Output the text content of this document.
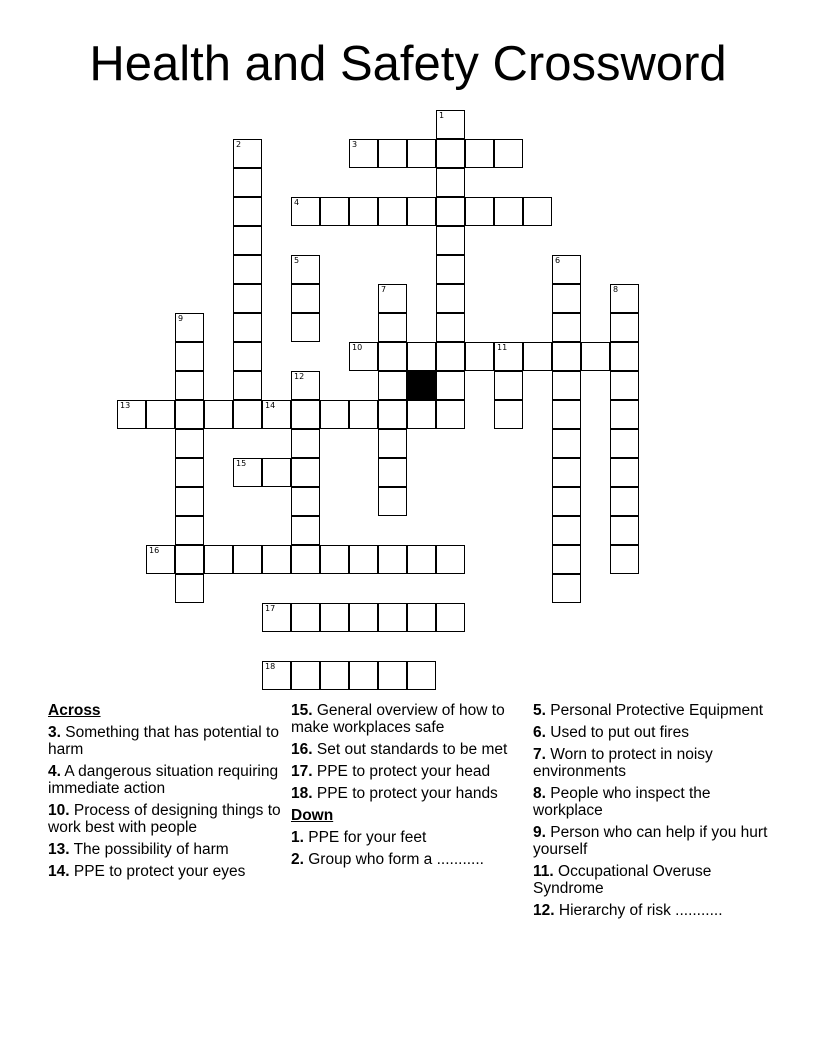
Health and Safety Crossword
1
2	3
4
5	6
7	8
9
10	11
12
13	14
15
16
17
18
Across
3. Something that has potential to harm
4. A dangerous situation requiring immediate action
10. Process of designing things to work best with people
13. The possibility of harm
14. PPE to protect your eyes
15. General overview of how to make workplaces safe
16. Set out standards to be met
17. PPE to protect your head
18. PPE to protect your hands
Down
1. PPE for your feet
2. Group who form a ...........
5. Personal Protective Equipment
6. Used to put out fires
7. Worn to protect in noisy environments
8. People who inspect the workplace
9. Person who can help if you hurt yourself
11. Occupational Overuse Syndrome
12. Hierarchy of risk ...........
